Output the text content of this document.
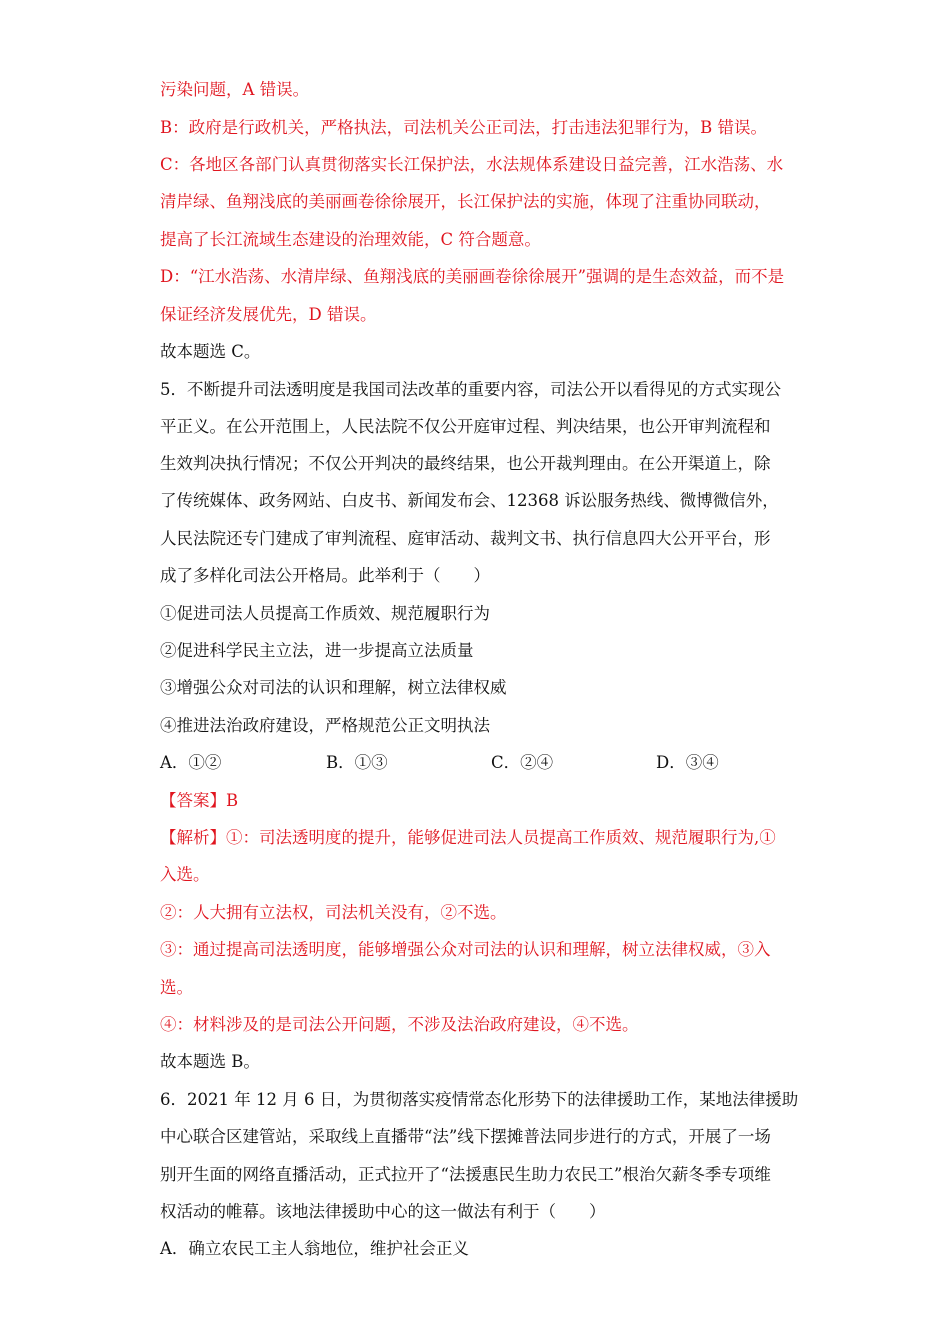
污染问题，A 错误。
B：政府是行政机关，严格执法，司法机关公正司法，打击违法犯罪行为，B 错误。
C：各地区各部门认真贯彻落实长江保护法，水法规体系建设日益完善，江水浩荡、水
清岸绿、鱼翔浅底的美丽画卷徐徐展开，长江保护法的实施，体现了注重协同联动，
提高了长江流域生态建设的治理效能，C 符合题意。
D：“江水浩荡、水清岸绿、鱼翔浅底的美丽画卷徐徐展开”强调的是生态效益，而不是
保证经济发展优先，D 错误。
故本题选 C。
5．不断提升司法透明度是我国司法改革的重要内容，司法公开以看得见的方式实现公
平正义。在公开范围上，人民法院不仅公开庭审过程、判决结果，也公开审判流程和
生效判决执行情况；不仅公开判决的最终结果，也公开裁判理由。在公开渠道上，除
了传统媒体、政务网站、白皮书、新闻发布会、12368 诉讼服务热线、微博微信外，
人民法院还专门建成了审判流程、庭审活动、裁判文书、执行信息四大公开平台，形
成了多样化司法公开格局。此举利于（　　）
①促进司法人员提高工作质效、规范履职行为
②促进科学民主立法，进一步提高立法质量
③增强公众对司法的认识和理解，树立法律权威
④推进法治政府建设，严格规范公正文明执法
A．①②	B．①③	C．②④	D．③④
【答案】B
【解析】①：司法透明度的提升，能够促进司法人员提高工作质效、规范履职行为,①
入选。
②：人大拥有立法权，司法机关没有，②不选。
③：通过提高司法透明度，能够增强公众对司法的认识和理解，树立法律权威，③入
选。
④：材料涉及的是司法公开问题，不涉及法治政府建设，④不选。
故本题选 B。
6．2021 年 12 月 6 日，为贯彻落实疫情常态化形势下的法律援助工作，某地法律援助
中心联合区建管站，采取线上直播带“法”线下摆摊普法同步进行的方式，开展了一场
别开生面的网络直播活动，正式拉开了“法援惠民生助力农民工”根治欠薪冬季专项维
权活动的帷幕。该地法律援助中心的这一做法有利于（　　）
A．确立农民工主人翁地位，维护社会正义
